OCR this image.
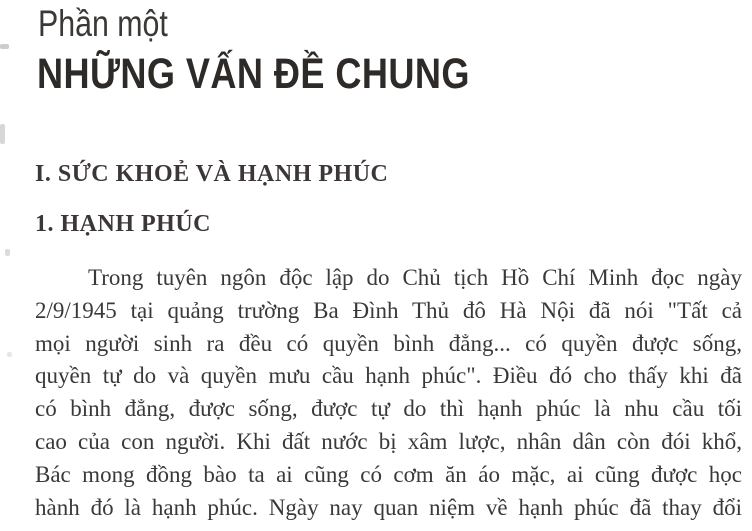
Phần một
NHỮNG VẤN ĐỀ CHUNG
I. SỨC KHOẺ VÀ HẠNH PHÚC
1. HẠNH PHÚC
Trong tuyên ngôn độc lập do Chủ tịch Hồ Chí Minh đọc ngày
2/9/1945 tại quảng trường Ba Đình Thủ đô Hà Nội đã nói "Tất cả
mọi người sinh ra đều có quyền bình đẳng... có quyền được sống,
quyền tự do và quyền mưu cầu hạnh phúc". Điều đó cho thấy khi đã
có bình đẳng, được sống, được tự do thì hạnh phúc là nhu cầu tối
cao của con người. Khi đất nước bị xâm lược, nhân dân còn đói khổ,
Bác mong đồng bào ta ai cũng có cơm ăn áo mặc, ai cũng được học
hành đó là hạnh phúc. Ngày nay quan niệm về hạnh phúc đã thay đổi
